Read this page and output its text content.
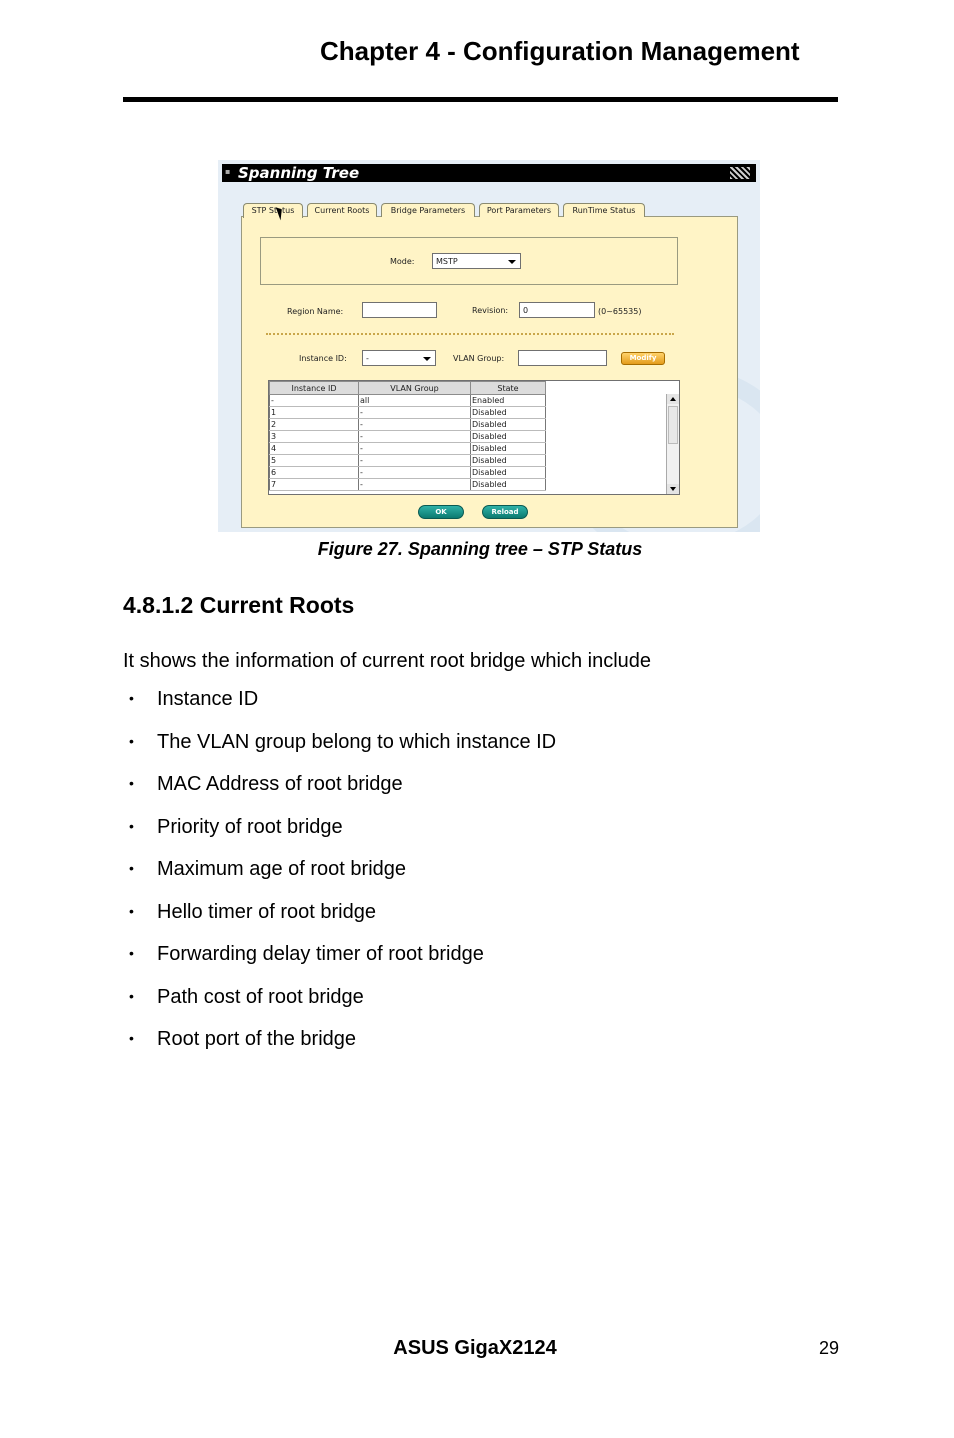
Chapter 4 - Configuration Management
▪ Spanning Tree
STP Status	Current Roots	Bridge Parameters	Port Parameters	RunTime Status
Mode:	MSTP
Region Name:	Revision:	0	(0~65535)
Instance ID:	-	VLAN Group:	Modify
Instance ID	VLAN Group	State
-	all	Enabled
1	-	Disabled
2	-	Disabled
3	-	Disabled
4	-	Disabled
5	-	Disabled
6	-	Disabled
7	-	Disabled
OK	Reload
Figure 27. Spanning tree – STP Status
4.8.1.2 Current Roots
It shows the information of current root bridge which include
• Instance ID
• The VLAN group belong to which instance ID
• MAC Address of root bridge
• Priority of root bridge
• Maximum age of root bridge
• Hello timer of root bridge
• Forwarding delay timer of root bridge
• Path cost of root bridge
• Root port of the bridge
ASUS GigaX2124	29
